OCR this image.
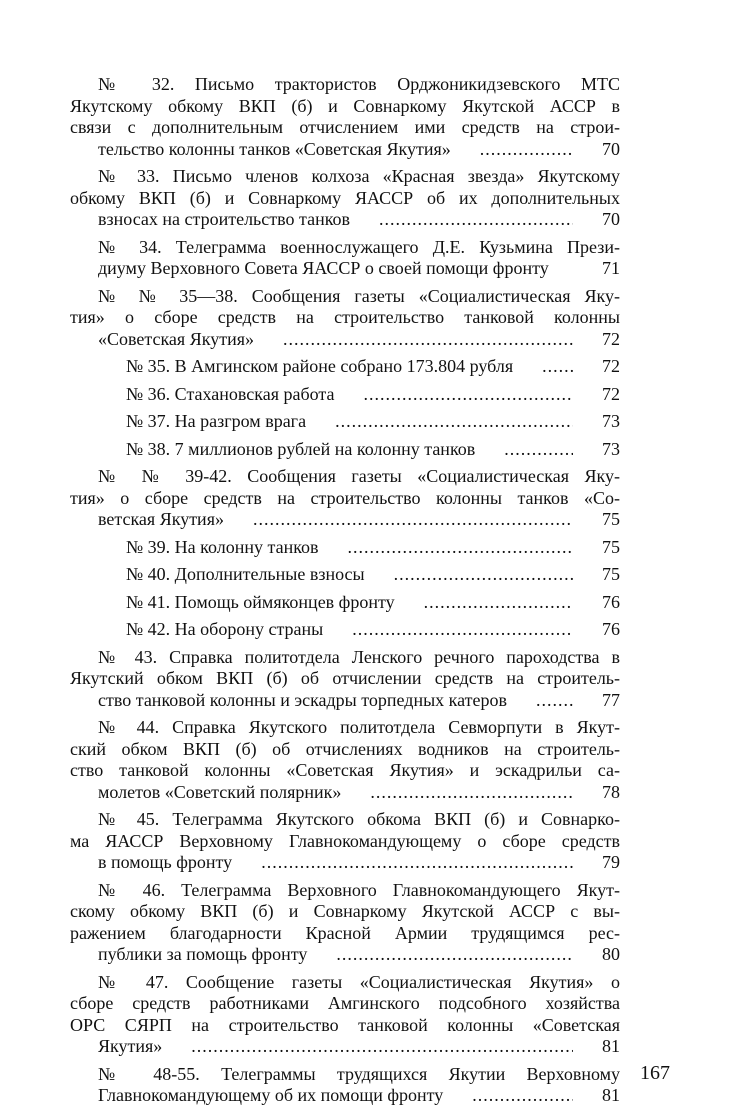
№ 32. Письмо трактористов Орджоникидзевского МТС
Якутскому обкому ВКП (б) и Совнаркому Якутской АССР в
связи с дополнительным отчислением ими средств на строи-
тельство колонны танков «Советская Якутия» .....	70
№ 33. Письмо членов колхоза «Красная звезда» Якутскому
обкому ВКП (б) и Совнаркому ЯАССР об их дополнительных
взносах на строительство танков .....	70
№ 34. Телеграмма военнослужащего Д.Е. Кузьмина Прези-
диуму Верховного Совета ЯАССР о своей помощи фронту .....	71
№ № 35—38. Сообщения газеты «Социалистическая Яку-
тия» о сборе средств на строительство танковой колонны
«Советская Якутия» .....	72
№ 35. В Амгинском районе собрано 173.804 рубля .....	72
№ 36. Стахановская работа .....	72
№ 37. На разгром врага .....	73
№ 38. 7 миллионов рублей на колонну танков .....	73
№ № 39-42. Сообщения газеты «Социалистическая Яку-
тия» о сборе средств на строительство колонны танков «Со-
ветская Якутия» .....	75
№ 39. На колонну танков .....	75
№ 40. Дополнительные взносы .....	75
№ 41. Помощь оймяконцев фронту .....	76
№ 42. На оборону страны .....	76
№ 43. Справка политотдела Ленского речного пароходства в
Якутский обком ВКП (б) об отчислении средств на строитель-
ство танковой колонны и эскадры торпедных катеров .....	77
№ 44. Справка Якутского политотдела Севморпути в Якут-
ский обком ВКП (б) об отчислениях водников на строитель-
ство танковой колонны «Советская Якутия» и эскадрильи са-
молетов «Советский полярник» .....	78
№ 45. Телеграмма Якутского обкома ВКП (б) и Совнарко-
ма ЯАССР Верховному Главнокомандующему о сборе средств
в помощь фронту .....	79
№ 46. Телеграмма Верховного Главнокомандующего Якут-
скому обкому ВКП (б) и Совнаркому Якутской АССР с вы-
ражением благодарности Красной Армии трудящимся рес-
публики за помощь фронту .....	80
№ 47. Сообщение газеты «Социалистическая Якутия» о
сборе средств работниками Амгинского подсобного хозяйства
ОРС СЯРП на строительство танковой колонны «Советская
Якутия» .....	81
№ 48-55. Телеграммы трудящихся Якутии Верховному
Главнокомандующему об их помощи фронту .....	81
167
